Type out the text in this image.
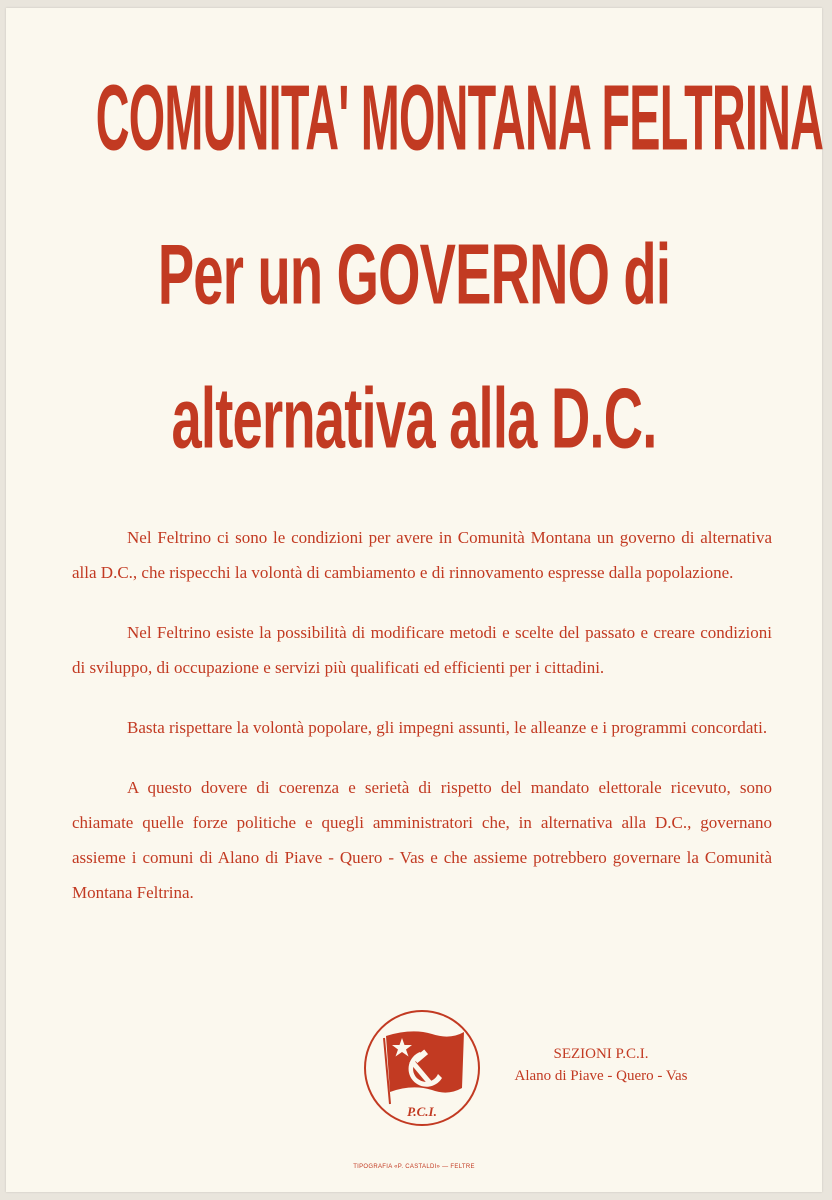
COMUNITA' MONTANA FELTRINA
Per un GOVERNO di
alternativa alla D.C.

Nel Feltrino ci sono le condizioni per avere in Comunità Montana un governo di alternativa alla D.C., che rispecchi la volontà di cambiamento e di rinnovamento espresse dalla popolazione.

Nel Feltrino esiste la possibilità di modificare metodi e scelte del passato e creare condizioni di sviluppo, di occupazione e servizi più qualificati ed efficienti per i cittadini.

Basta rispettare la volontà popolare, gli impegni assunti, le alleanze e i programmi concordati.

A questo dovere di coerenza e serietà di rispetto del mandato elettorale ricevuto, sono chiamate quelle forze politiche e quegli amministratori che, in alternativa alla D.C., governano assieme i comuni di Alano di Piave - Quero - Vas e che assieme potrebbero governare la Comunità Montana Feltrina.

P.C.I.
SEZIONI P.C.I.
Alano di Piave - Quero - Vas
TIPOGRAFIA «P. CASTALDI» — FELTRE
